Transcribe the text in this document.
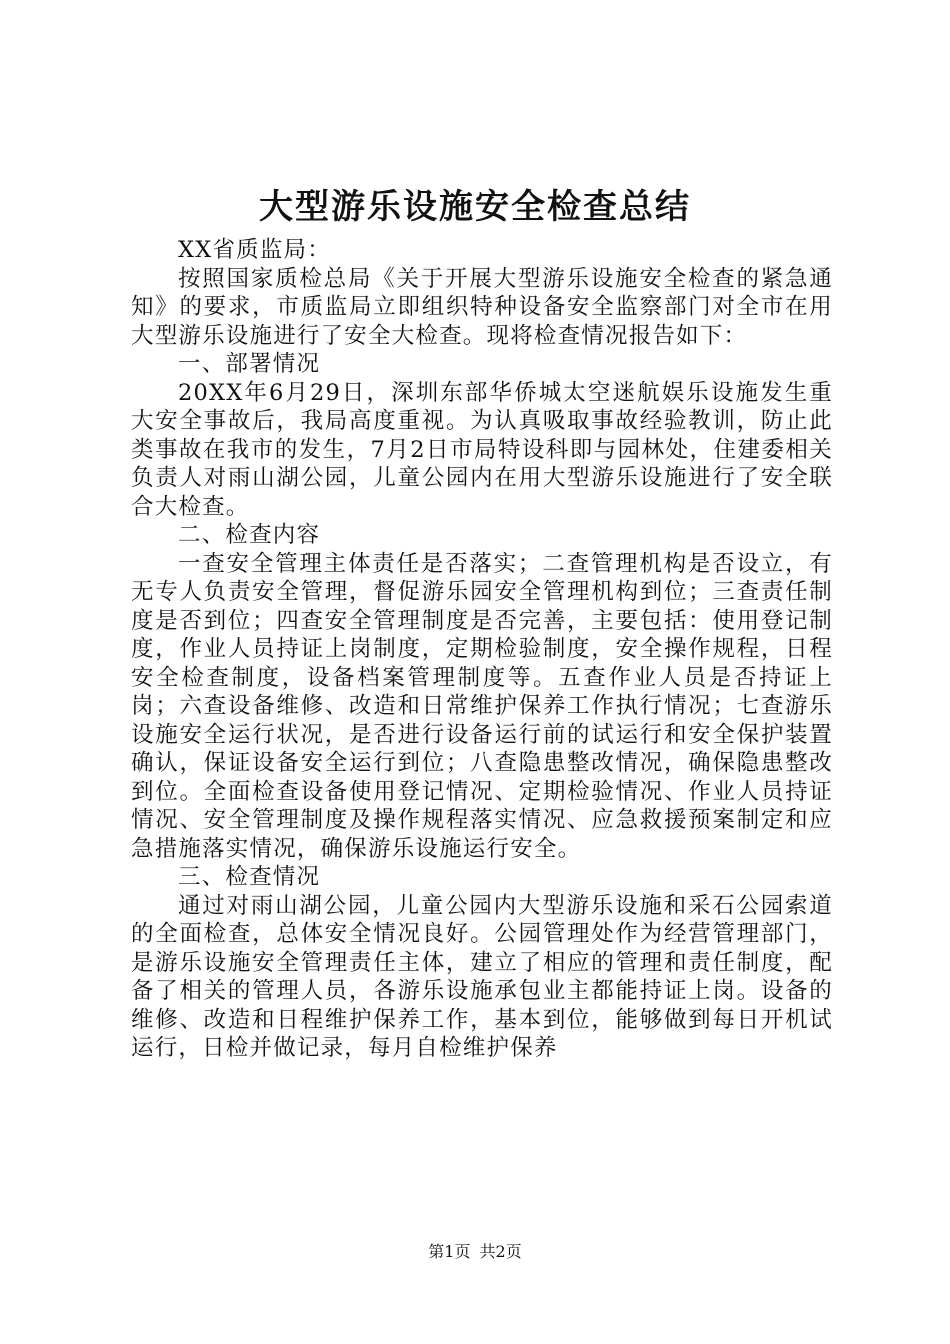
大型游乐设施安全检查总结

XX省质监局：

按照国家质检总局《关于开展大型游乐设施安全检查的紧急通知》的要求，市质监局立即组织特种设备安全监察部门对全市在用大型游乐设施进行了安全大检查。现将检查情况报告如下：

一、部署情况

20XX年6月29日，深圳东部华侨城太空迷航娱乐设施发生重大安全事故后，我局高度重视。为认真吸取事故经验教训，防止此类事故在我市的发生，7月2日市局特设科即与园林处，住建委相关负责人对雨山湖公园，儿童公园内在用大型游乐设施进行了安全联合大检查。

二、检查内容

一查安全管理主体责任是否落实；二查管理机构是否设立，有无专人负责安全管理，督促游乐园安全管理机构到位；三查责任制度是否到位；四查安全管理制度是否完善，主要包括：使用登记制度，作业人员持证上岗制度，定期检验制度，安全操作规程，日程安全检查制度，设备档案管理制度等。五查作业人员是否持证上岗；六查设备维修、改造和日常维护保养工作执行情况；七查游乐设施安全运行状况，是否进行设备运行前的试运行和安全保护装置确认，保证设备安全运行到位；八查隐患整改情况，确保隐患整改到位。全面检查设备使用登记情况、定期检验情况、作业人员持证情况、安全管理制度及操作规程落实情况、应急救援预案制定和应急措施落实情况，确保游乐设施运行安全。

三、检查情况

通过对雨山湖公园，儿童公园内大型游乐设施和采石公园索道的全面检查，总体安全情况良好。公园管理处作为经营管理部门，是游乐设施安全管理责任主体，建立了相应的管理和责任制度，配备了相关的管理人员，各游乐设施承包业主都能持证上岗。设备的维修、改造和日程维护保养工作，基本到位，能够做到每日开机试运行，日检并做记录，每月自检维护保养

第1页 共2页
